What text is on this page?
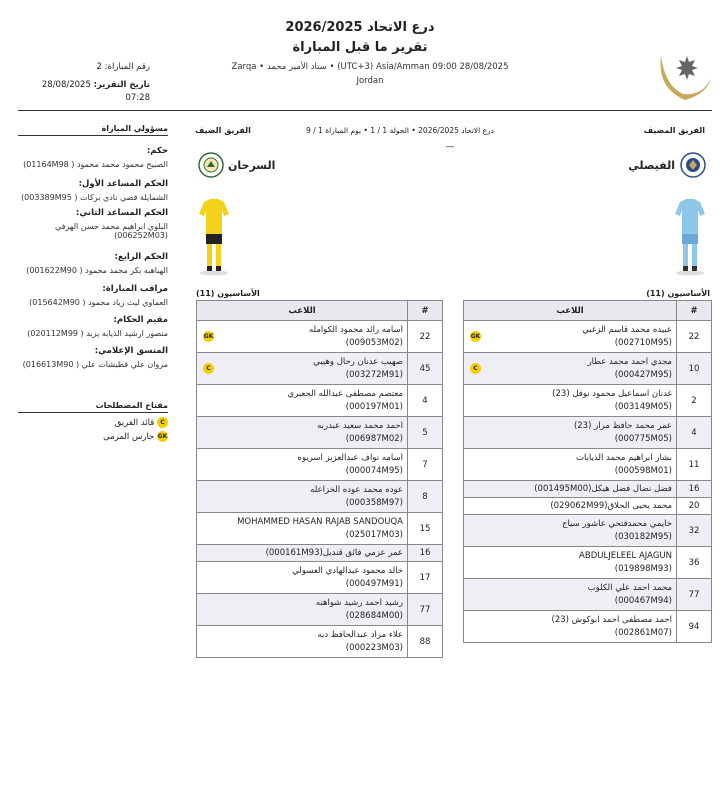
درع الاتحاد 2026/2025
تقرير ما قبل المباراة
Zarqa • ستاد الأمير محمد • (UTC+3) Asia/Amman 09:00 28/08/2025
Jordan
رقم المباراة: 2
تاريخ التقرير: 28/08/2025
07:28
مسؤولي المباراة
حكم:
الصبيح محمود محمد محمود ( 01164M98)
الحكم المساعد الأول:
الشمايلة قصي نادي بركات ( 003389M95)
الحكم المساعد الثاني:
البلوي ابراهيم محمد حسن الهرفي (006252M03)
الحكم الرابع:
الهباهبه بكر محمد محمود ( 001622M90)
مراقب المباراة:
العماوي ليث زياد محمود ( 015642M90)
مقيم الحكام:
منصور ارشيد الذيابه يزيد ( 020112M99)
المنسق الإعلامي:
مروان علي قطيشات علي ( 016613M90)
مفتاح المصطلحات
C قائد الفريق
GK حارس المرمى
الفريق المضيف
الفريق الضيف	درع الاتحاد 2026/2025 • الجولة 1 / 1 • يوم المباراة 1 / 9
—
الفيصلي
السرحان
الأساسيون (11)
الأساسيون (11)
#	اللاعب
22	عبيده محمد قاسم الزغبي
(002710M95)
GK

10	مجدي احمد محمد عطار
(000427M95)
C

2	غدنان اسماعيل محمود نوفل (23)
(003149M05)

4	عمر محمد حافظ مرار (23)
(000775M05)

11	بشار ابراهيم محمد الذيابات
(000598M01)

16	فضل نضال فضل هيكل(001495M00)

20	محمد يحيى الحلاق(029062M99)

32	خايمي محمدفتحي عاشور سياج
(030182M95)

36	ABDULJELEEL AJAGUN
(019898M93)

77	محمد احمد علي الكلوب
(000467M94)

94	احمد مصطفى احمد ابوكوش (23)
(002861M07)
#	اللاعب
22	اسامه رائد محمود الكوامله
(009053M02)
GK

45	صهيب عدنان رحال وهيبي
(003272M91)
C

4	معتصم مصطفى عبدالله الجعبري
(000197M01)

5	احمد محمد سعيد عبدربه
(006987M02)

7	اسامه نواف عبدالعزيز اسريوه
(000074M95)

8	عوده محمد عوده الخزاعله
(000358M97)

15	MOHAMMED HASAN RAJAB SANDOUQA
(025017M03)

16	عمر عزمي فائق قنديل(000161M93)

17	خالد محمود عبدالهادي العسولي
(000497M91)

77	رشيد احمد رشيد شواهنه
(028684M00)

88	علاء مراد عبدالحافظ ديه
(000223M03)
